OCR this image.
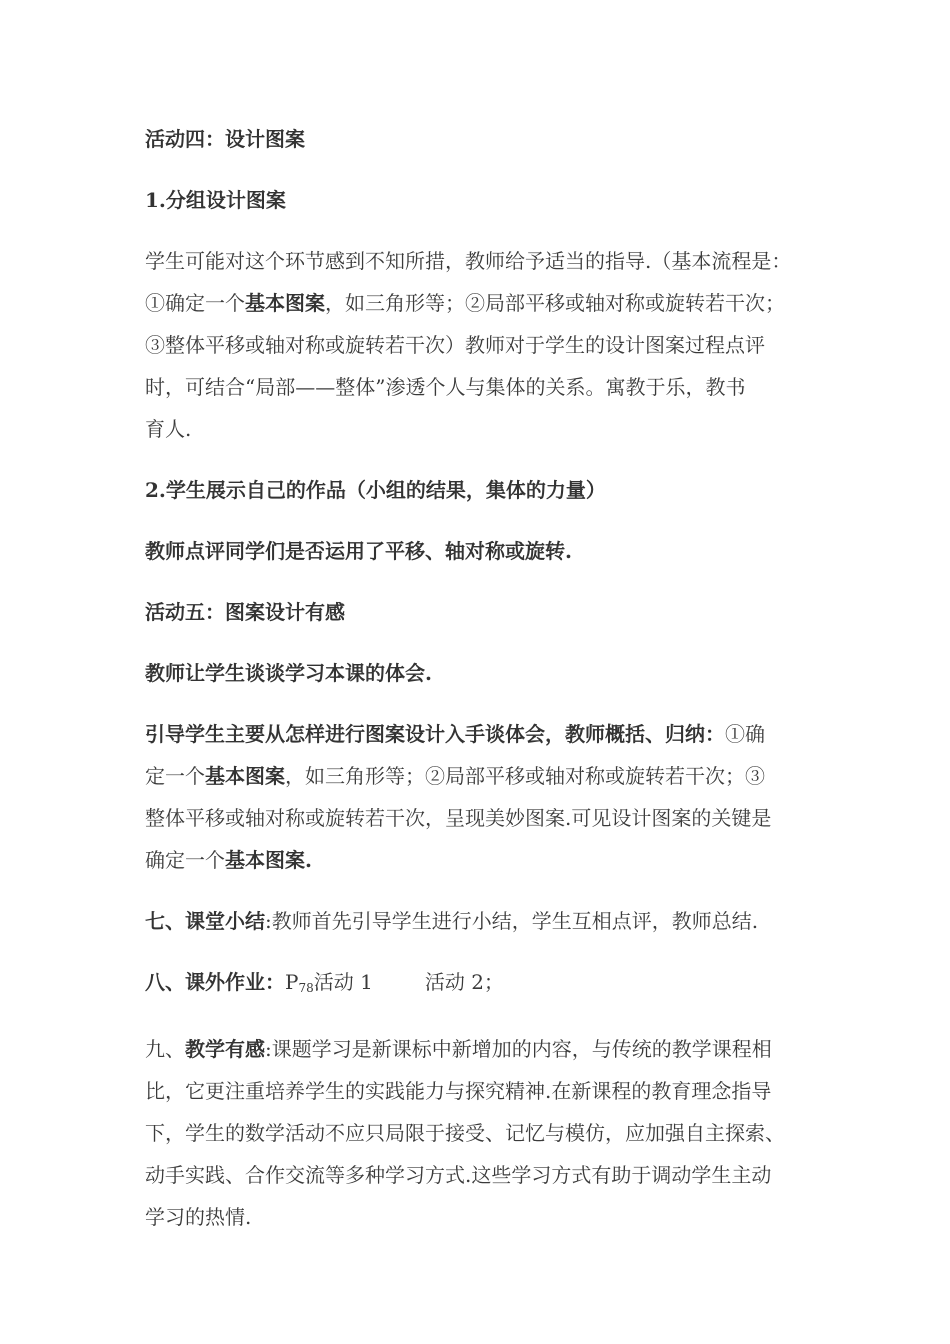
活动四：设计图案

1.分组设计图案

学生可能对这个环节感到不知所措，教师给予适当的指导.（基本流程是：

①确定一个基本图案，如三角形等；②局部平移或轴对称或旋转若干次；

③整体平移或轴对称或旋转若干次）教师对于学生的设计图案过程点评

时，可结合“局部——整体”渗透个人与集体的关系。寓教于乐，教书

育人.

2.学生展示自己的作品（小组的结果，集体的力量）

教师点评同学们是否运用了平移、轴对称或旋转.

活动五：图案设计有感

教师让学生谈谈学习本课的体会.

引导学生主要从怎样进行图案设计入手谈体会，教师概括、归纳：①确

定一个基本图案，如三角形等；②局部平移或轴对称或旋转若干次；③

整体平移或轴对称或旋转若干次，呈现美妙图案.可见设计图案的关键是

确定一个基本图案.

七、课堂小结:教师首先引导学生进行小结，学生互相点评，教师总结.

八、课外作业：$P_{78}$活动 1	活动 2；

九、教学有感:课题学习是新课标中新增加的内容，与传统的教学课程相

比，它更注重培养学生的实践能力与探究精神.在新课程的教育理念指导

下，学生的数学活动不应只局限于接受、记忆与模仿，应加强自主探索、

动手实践、合作交流等多种学习方式.这些学习方式有助于调动学生主动

学习的热情.
